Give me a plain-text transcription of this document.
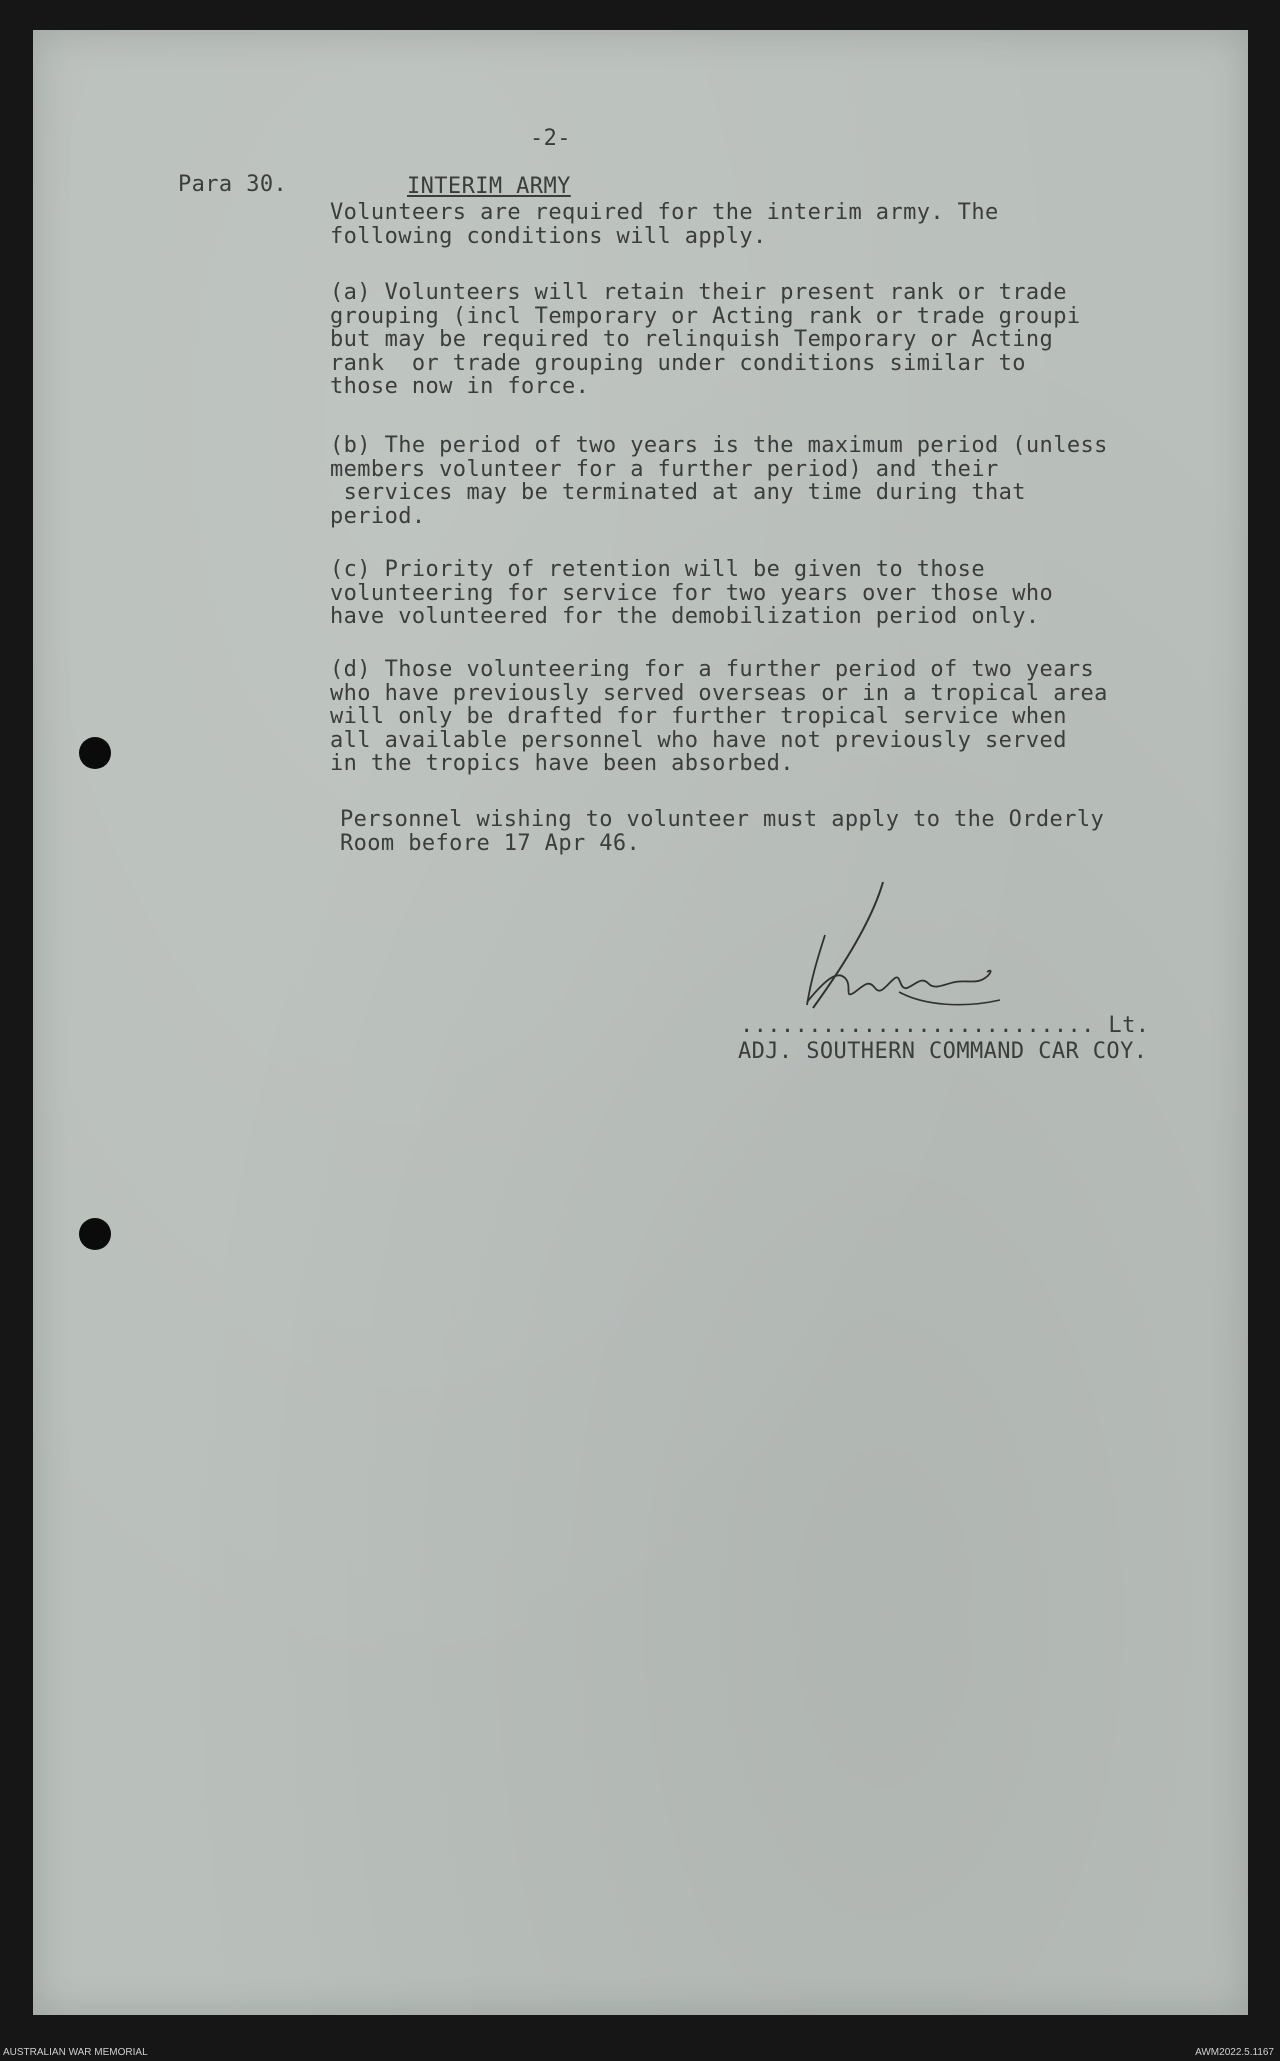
-2-
Para 30.	INTERIM ARMY
Volunteers are required for the interim army. The
following conditions will apply.
(a) Volunteers will retain their present rank or trade
grouping (incl Temporary or Acting rank or trade groupi
but may be required to relinquish Temporary or Acting
rank  or trade grouping under conditions similar to
those now in force.
(b) The period of two years is the maximum period (unless
members volunteer for a further period) and their
services may be terminated at any time during that
period.
(c) Priority of retention will be given to those
volunteering for service for two years over those who
have volunteered for the demobilization period only.
(d) Those volunteering for a further period of two years
who have previously served overseas or in a tropical area
will only be drafted for further tropical service when
all available personnel who have not previously served
in the tropics have been absorbed.
Personnel wishing to volunteer must apply to the Orderly
Room before 17 Apr 46.
.......................... Lt.
ADJ. SOUTHERN COMMAND CAR COY.
AUSTRALIAN WAR MEMORIAL	AWM2022.5.1167
